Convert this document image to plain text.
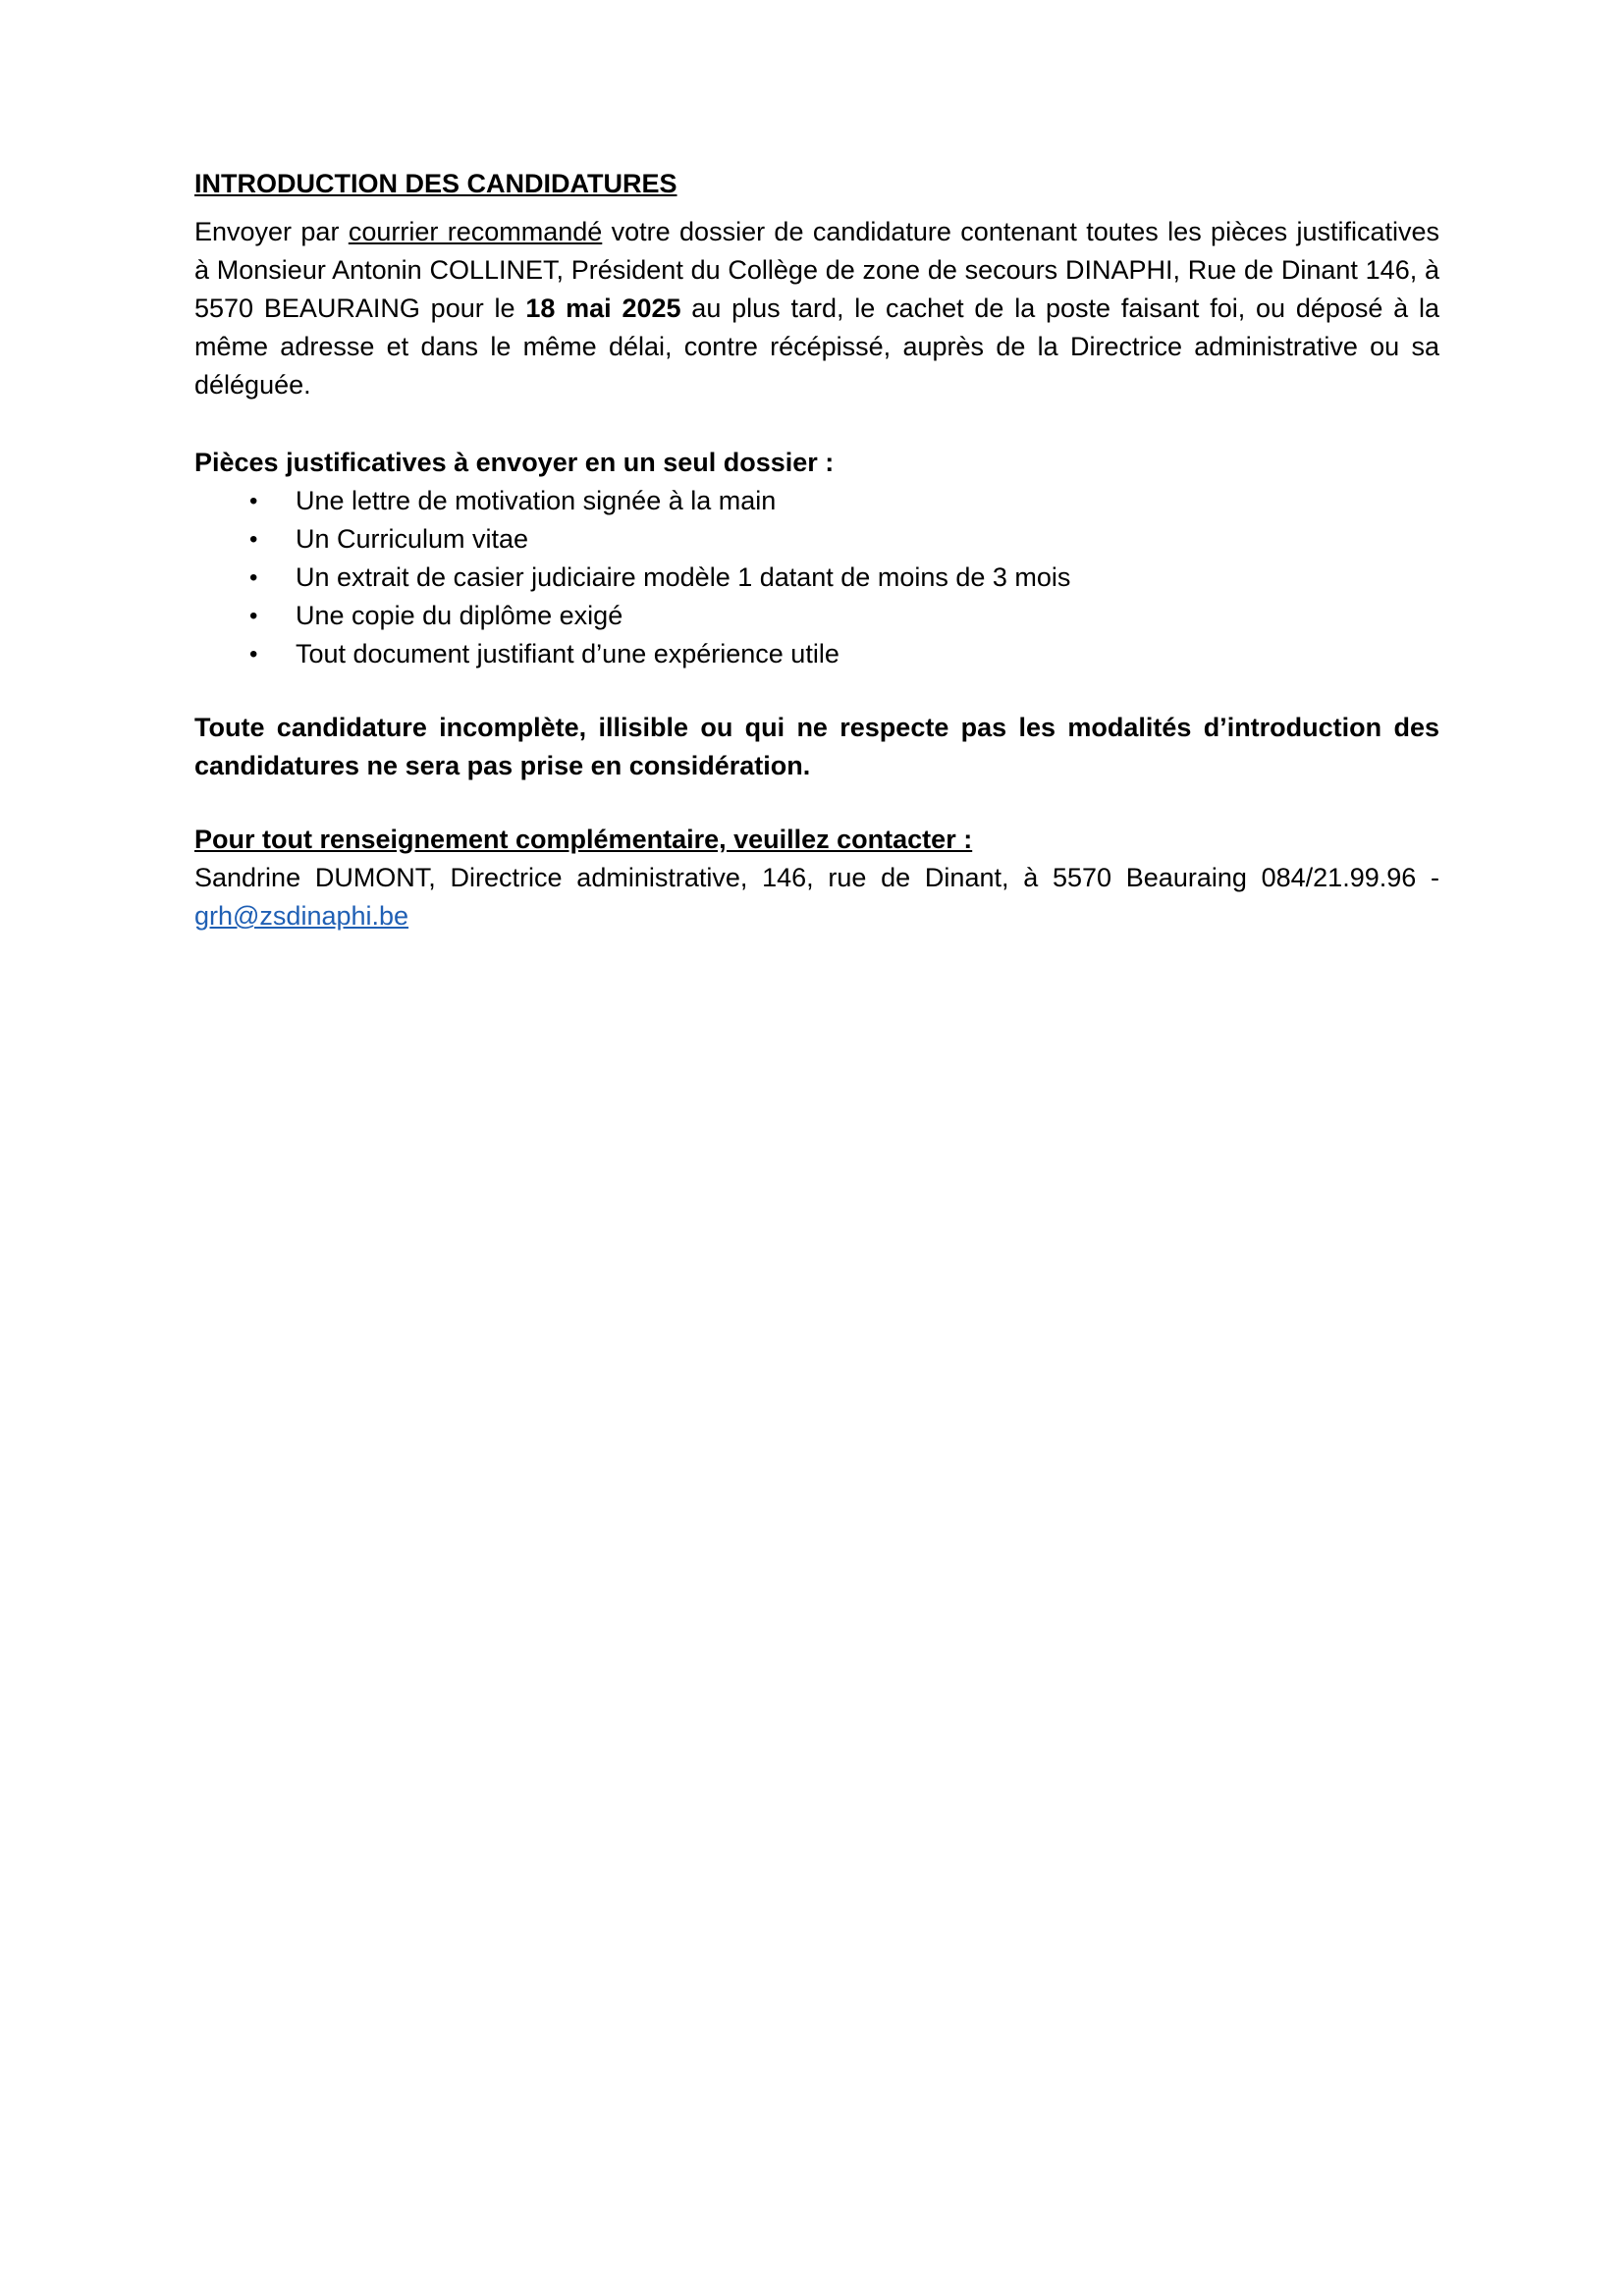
INTRODUCTION DES CANDIDATURES

Envoyer par courrier recommandé votre dossier de candidature contenant toutes les pièces justificatives à Monsieur Antonin COLLINET, Président du Collège de zone de secours DINAPHI, Rue de Dinant 146, à 5570 BEAURAING pour le 18 mai 2025 au plus tard, le cachet de la poste faisant foi, ou déposé à la même adresse et dans le même délai, contre récépissé, auprès de la Directrice administrative ou sa déléguée.

Pièces justificatives à envoyer en un seul dossier :

• Une lettre de motivation signée à la main
• Un Curriculum vitae
• Un extrait de casier judiciaire modèle 1 datant de moins de 3 mois
• Une copie du diplôme exigé
• Tout document justifiant d’une expérience utile

Toute candidature incomplète, illisible ou qui ne respecte pas les modalités d’introduction des candidatures ne sera pas prise en considération.

Pour tout renseignement complémentaire, veuillez contacter :

Sandrine DUMONT, Directrice administrative, 146, rue de Dinant, à 5570 Beauraing 084/21.99.96 -

grh@zsdinaphi.be
